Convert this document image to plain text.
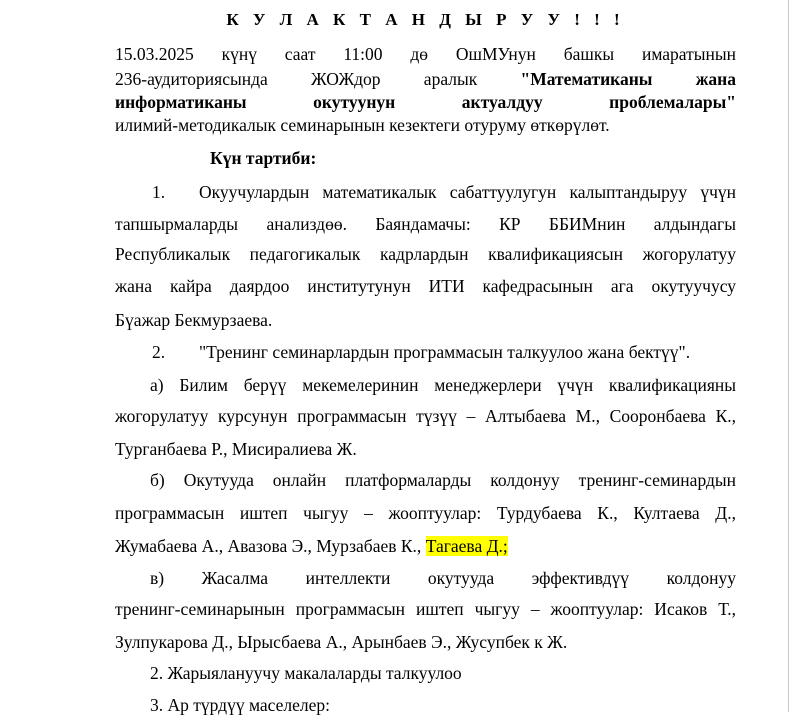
К У Л А К Т А Н Д Ы Р У У ! ! !
15.03.2025 күнү саат 11:00 дө ОшМУнун башкы имаратынын
236-аудиториясында ЖОЖдор аралык "Математиканы жана
информатиканы окутуунун актуалдуу проблемалары"
илимий-методикалык семинарынын кезектеги отуруму өткөрүлөт.
Күн тартиби:
1. Окуучулардын математикалык сабаттуулугун калыптандыруу үчүн
тапшырмаларды анализдөө. Баяндамачы: КР ББИМнин алдындагы
Республикалык педагогикалык кадрлардын квалификациясын жогорулатуу
жана кайра даярдоо институтунун ИТИ кафедрасынын ага окутуучусу
Бүажар Бекмурзаева.
2. "Тренинг семинарлардын программасын талкуулоо жана бектүү".
а) Билим берүү мекемелеринин менеджерлери үчүн квалификацияны
жогорулатуу курсунун программасын түзүү – Алтыбаева М., Сооронбаева К.,
Турганбаева Р., Мисиралиева Ж.
б) Окутууда онлайн платформаларды колдонуу тренинг-семинардын
программасын иштеп чыгуу – жооптуулар: Турдубаева К., Култаева Д.,
Жумабаева А., Авазова Э., Мурзабаев К., Тагаева Д.;
в) Жасалма интеллекти окутууда эффективдүү колдонуу
тренинг-семинарынын программасын иштеп чыгуу – жооптуулар: Исаков Т.,
Зулпукарова Д., Ырысбаева А., Арынбаев Э., Жусупбек к Ж.
2. Жарыялануучу макалаларды талкуулоо
3. Ар түрдүү маселелер:
